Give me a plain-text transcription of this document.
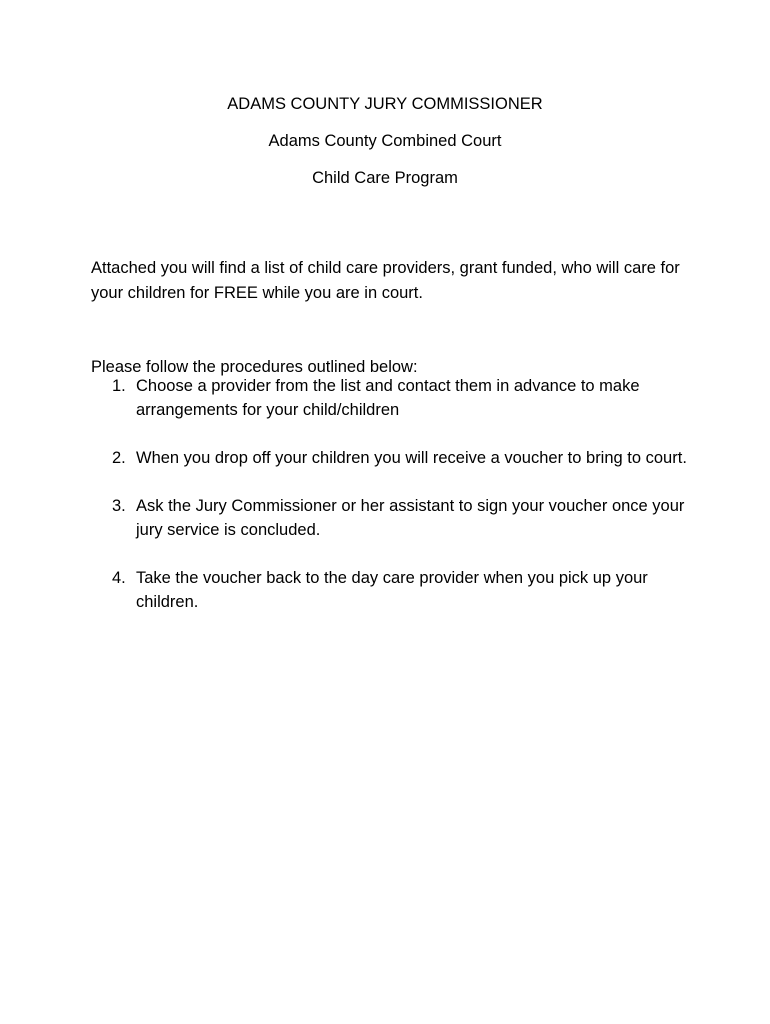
ADAMS COUNTY JURY COMMISSIONER
Adams County Combined Court
Child Care Program

Attached you will find a list of child care providers, grant funded, who will care for your children for FREE while you are in court.

Please follow the procedures outlined below:

1. Choose a provider from the list and contact them in advance to make arrangements for your child/children
2. When you drop off your children you will receive a voucher to bring to court.
3. Ask the Jury Commissioner or her assistant to sign your voucher once your jury service is concluded.
4. Take the voucher back to the day care provider when you pick up your children.
